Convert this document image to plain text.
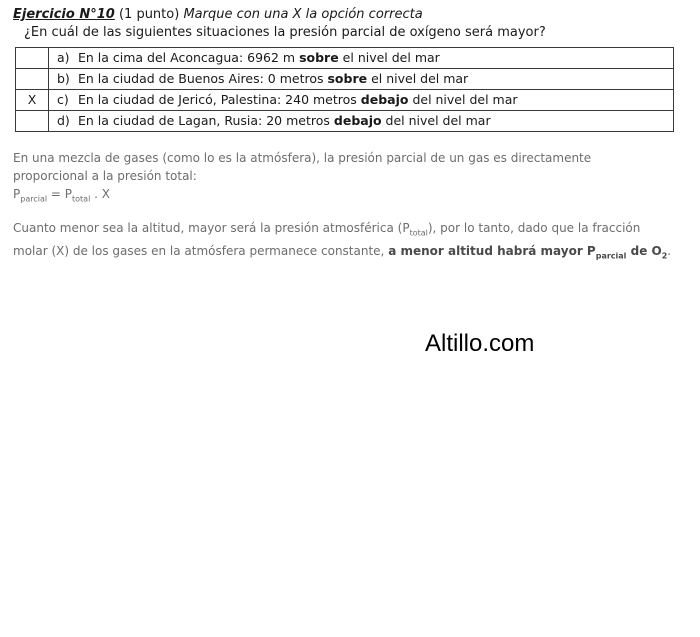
Ejercicio N°10 (1 punto) Marque con una X la opción correcta
¿En cuál de las siguientes situaciones la presión parcial de oxígeno será mayor?
	a) En la cima del Aconcagua: 6962 m sobre el nivel del mar
	b) En la ciudad de Buenos Aires: 0 metros sobre el nivel del mar
X	c) En la ciudad de Jericó, Palestina: 240 metros debajo del nivel del mar
	d) En la ciudad de Lagan, Rusia: 20 metros debajo del nivel del mar
En una mezcla de gases (como lo es la atmósfera), la presión parcial de un gas es directamente
proporcional a la presión total:
$P_{parcial} = P_{total}$ . X
Cuanto menor sea la altitud, mayor será la presión atmosférica $(P_{total})$, por lo tanto, dado que la fracción
molar (X) de los gases en la atmósfera permanece constante, a menor altitud habrá mayor $P_{parcial}$ de $O_2$.
Altillo.com
